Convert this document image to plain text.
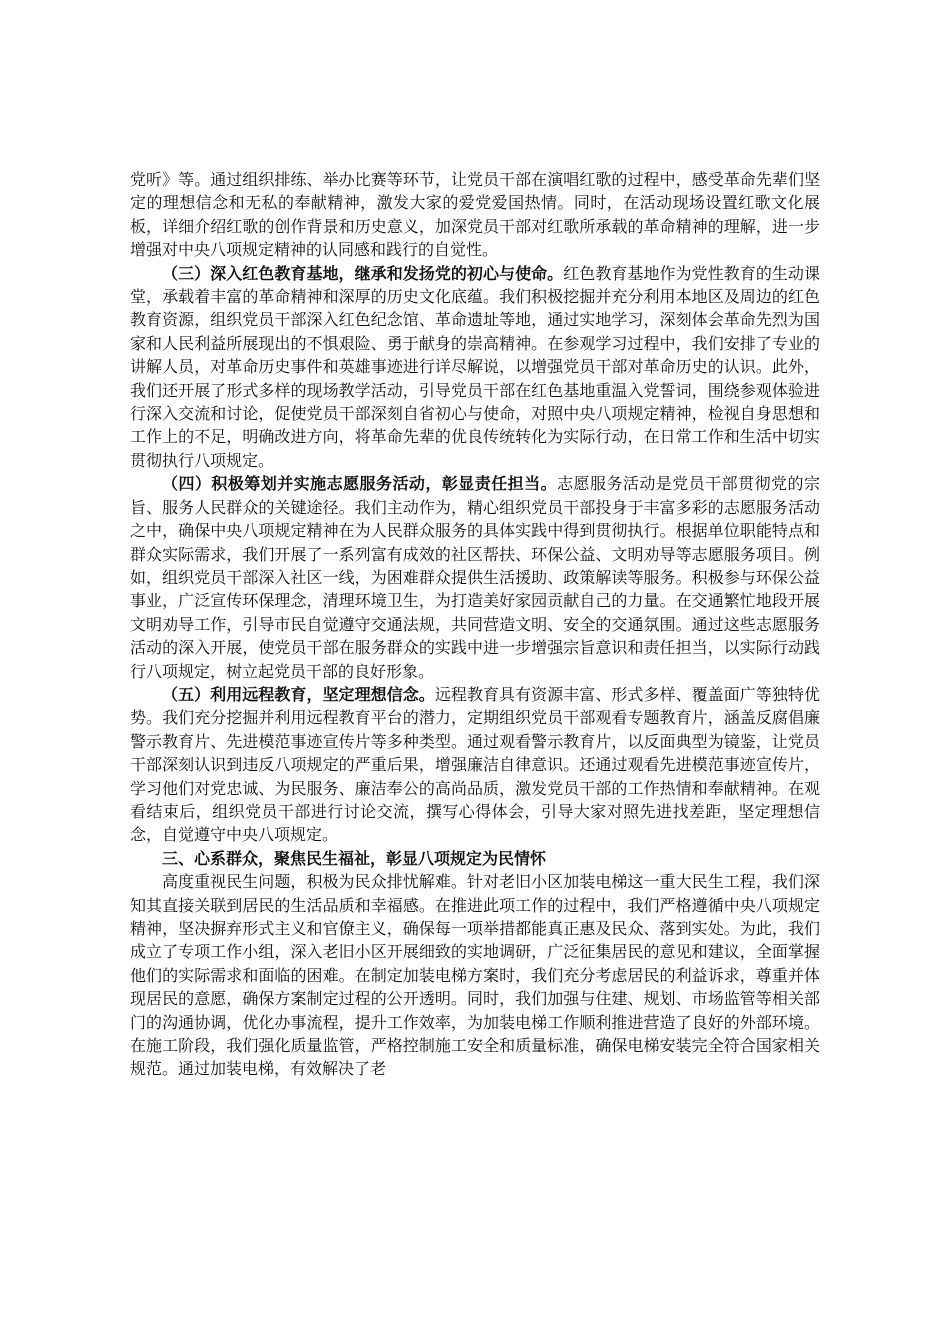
党听》等。通过组织排练、举办比赛等环节，让党员干部在演唱红歌的过程中，感受革命先辈们坚定的理想信念和无私的奉献精神，激发大家的爱党爱国热情。同时，在活动现场设置红歌文化展板，详细介绍红歌的创作背景和历史意义，加深党员干部对红歌所承载的革命精神的理解，进一步增强对中央八项规定精神的认同感和践行的自觉性。

（三）深入红色教育基地，继承和发扬党的初心与使命。红色教育基地作为党性教育的生动课堂，承载着丰富的革命精神和深厚的历史文化底蕴。我们积极挖掘并充分利用本地区及周边的红色教育资源，组织党员干部深入红色纪念馆、革命遗址等地，通过实地学习，深刻体会革命先烈为国家和人民利益所展现出的不惧艰险、勇于献身的崇高精神。在参观学习过程中，我们安排了专业的讲解人员，对革命历史事件和英雄事迹进行详尽解说，以增强党员干部对革命历史的认识。此外，我们还开展了形式多样的现场教学活动，引导党员干部在红色基地重温入党誓词，围绕参观体验进行深入交流和讨论，促使党员干部深刻自省初心与使命，对照中央八项规定精神，检视自身思想和工作上的不足，明确改进方向，将革命先辈的优良传统转化为实际行动，在日常工作和生活中切实贯彻执行八项规定。

（四）积极筹划并实施志愿服务活动，彰显责任担当。志愿服务活动是党员干部贯彻党的宗旨、服务人民群众的关键途径。我们主动作为，精心组织党员干部投身于丰富多彩的志愿服务活动之中，确保中央八项规定精神在为人民群众服务的具体实践中得到贯彻执行。根据单位职能特点和群众实际需求，我们开展了一系列富有成效的社区帮扶、环保公益、文明劝导等志愿服务项目。例如，组织党员干部深入社区一线，为困难群众提供生活援助、政策解读等服务。积极参与环保公益事业，广泛宣传环保理念，清理环境卫生，为打造美好家园贡献自己的力量。在交通繁忙地段开展文明劝导工作，引导市民自觉遵守交通法规，共同营造文明、安全的交通氛围。通过这些志愿服务活动的深入开展，使党员干部在服务群众的实践中进一步增强宗旨意识和责任担当，以实际行动践行八项规定，树立起党员干部的良好形象。

（五）利用远程教育，坚定理想信念。远程教育具有资源丰富、形式多样、覆盖面广等独特优势。我们充分挖掘并利用远程教育平台的潜力，定期组织党员干部观看专题教育片，涵盖反腐倡廉警示教育片、先进模范事迹宣传片等多种类型。通过观看警示教育片，以反面典型为镜鉴，让党员干部深刻认识到违反八项规定的严重后果，增强廉洁自律意识。还通过观看先进模范事迹宣传片，学习他们对党忠诚、为民服务、廉洁奉公的高尚品质，激发党员干部的工作热情和奉献精神。在观看结束后，组织党员干部进行讨论交流，撰写心得体会，引导大家对照先进找差距，坚定理想信念，自觉遵守中央八项规定。

三、心系群众，聚焦民生福祉，彰显八项规定为民情怀

高度重视民生问题，积极为民众排忧解难。针对老旧小区加装电梯这一重大民生工程，我们深知其直接关联到居民的生活品质和幸福感。在推进此项工作的过程中，我们严格遵循中央八项规定精神，坚决摒弃形式主义和官僚主义，确保每一项举措都能真正惠及民众、落到实处。为此，我们成立了专项工作小组，深入老旧小区开展细致的实地调研，广泛征集居民的意见和建议，全面掌握他们的实际需求和面临的困难。在制定加装电梯方案时，我们充分考虑居民的利益诉求，尊重并体现居民的意愿，确保方案制定过程的公开透明。同时，我们加强与住建、规划、市场监管等相关部门的沟通协调，优化办事流程，提升工作效率，为加装电梯工作顺利推进营造了良好的外部环境。在施工阶段，我们强化质量监管，严格控制施工安全和质量标准，确保电梯安装完全符合国家相关规范。通过加装电梯，有效解决了老
